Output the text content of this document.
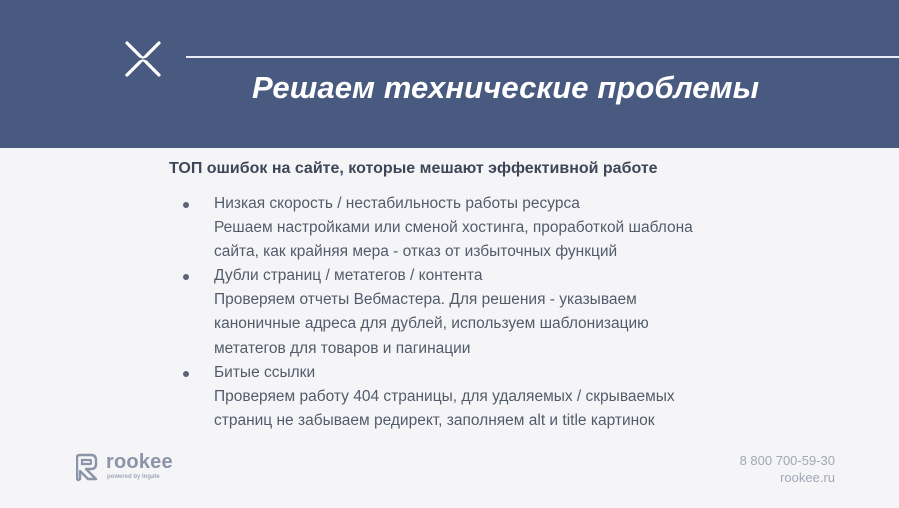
Решаем технические проблемы
ТОП ошибок на сайте, которые мешают эффективной работе
Низкая скорость / нестабильность работы ресурса
Решаем настройками или сменой хостинга, проработкой шаблона
сайта, как крайняя мера - отказ от избыточных функций
Дубли страниц / метатегов / контента
Проверяем отчеты Вебмастера. Для решения - указываем
каноничные адреса для дублей, используем шаблонизацию
метатегов для товаров и пагинации
Битые ссылки
Проверяем работу 404 страницы, для удаляемых / скрываемых
страниц не забываем редирект, заполняем alt и title картинок
rookee
powered by Ingate
8 800 700-59-30
rookee.ru
